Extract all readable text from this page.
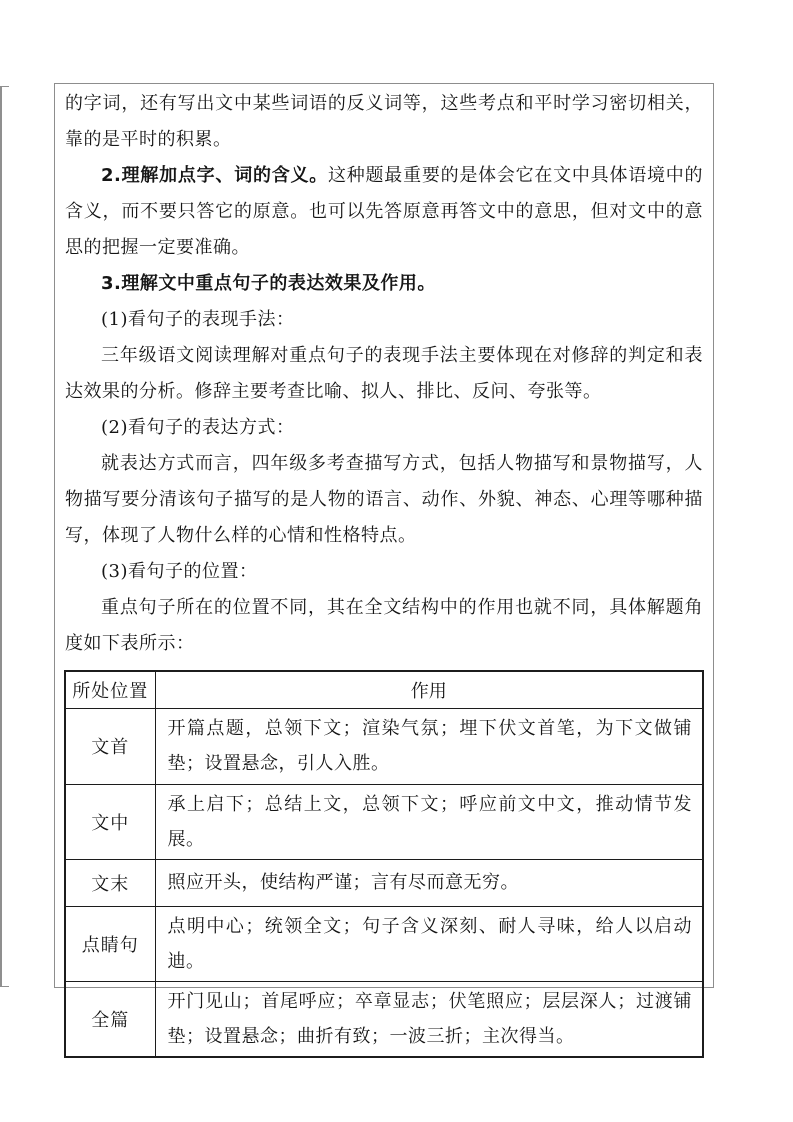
的字词，还有写出文中某些词语的反义词等，这些考点和平时学习密切相关，靠的是平时的积累。

2.理解加点字、词的含义。这种题最重要的是体会它在文中具体语境中的含义，而不要只答它的原意。也可以先答原意再答文中的意思，但对文中的意思的把握一定要准确。

3.理解文中重点句子的表达效果及作用。

(1)看句子的表现手法：

三年级语文阅读理解对重点句子的表现手法主要体现在对修辞的判定和表达效果的分析。修辞主要考查比喻、拟人、排比、反问、夸张等。

(2)看句子的表达方式：

就表达方式而言，四年级多考查描写方式，包括人物描写和景物描写，人物描写要分清该句子描写的是人物的语言、动作、外貌、神态、心理等哪种描写，体现了人物什么样的心情和性格特点。

(3)看句子的位置：

重点句子所在的位置不同，其在全文结构中的作用也就不同，具体解题角度如下表所示：

所处位置	作用
文首	开篇点题，总领下文；渲染气氛；埋下伏文首笔，为下文做铺垫；设置悬念，引人入胜。
文中	承上启下；总结上文，总领下文；呼应前文中文，推动情节发展。
文末	照应开头，使结构严谨；言有尽而意无穷。
点睛句	点明中心；统领全文；句子含义深刻、耐人寻味，给人以启动迪。
全篇	开门见山；首尾呼应；卒章显志；伏笔照应；层层深人；过渡铺垫；设置悬念；曲折有致；一波三折；主次得当。
